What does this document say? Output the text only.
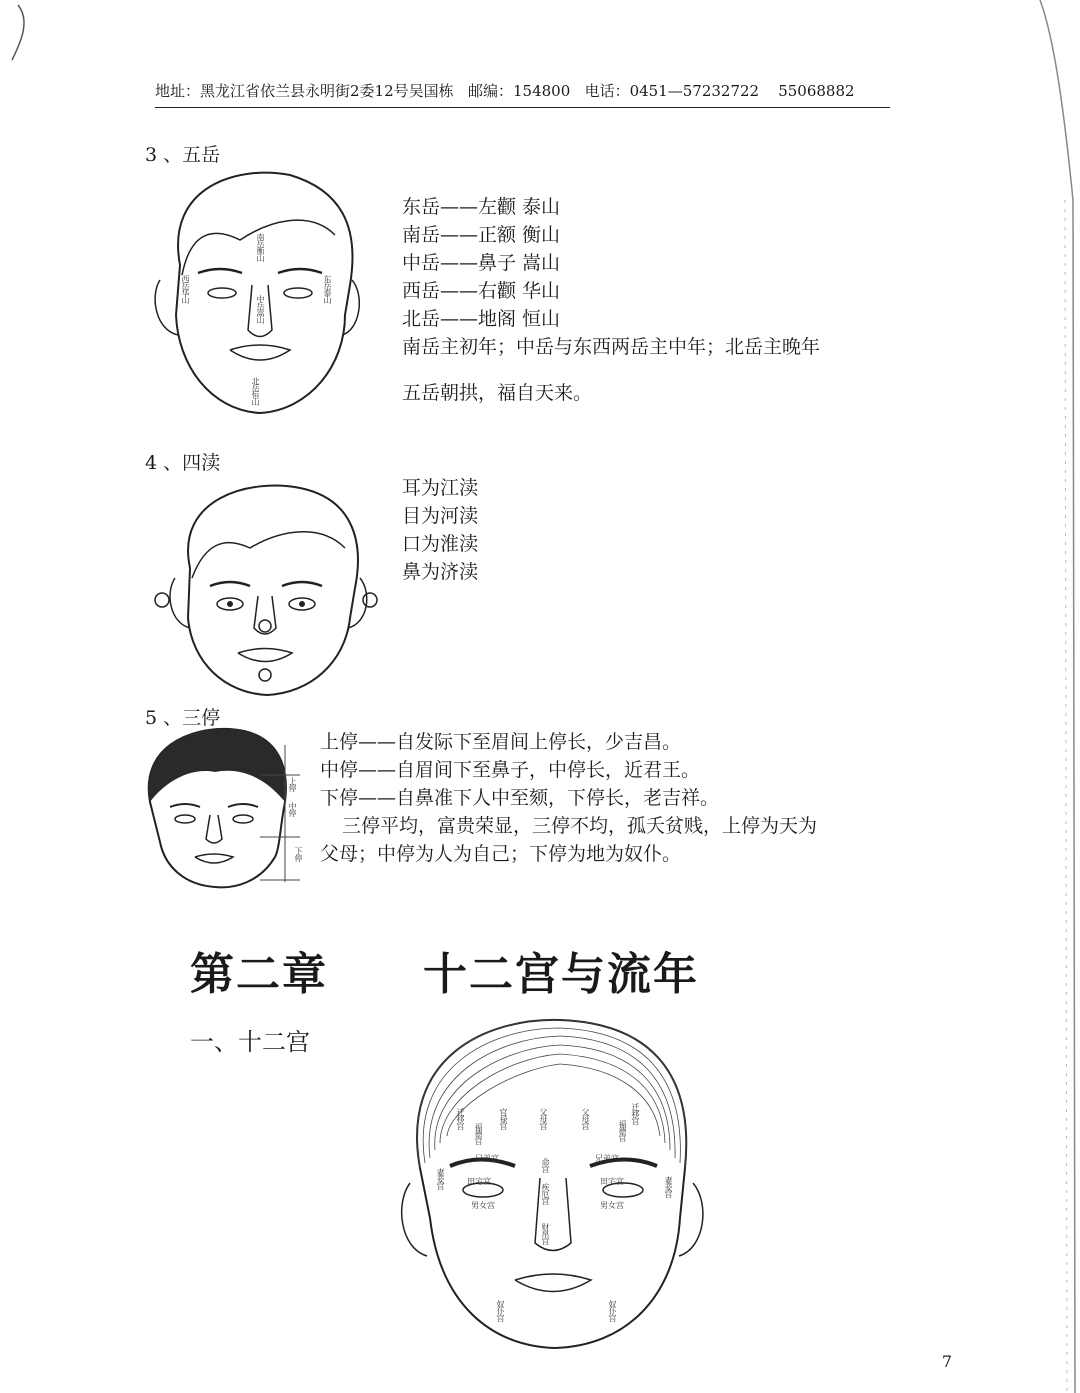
地址：黑龙江省依兰县永明街2委12号吴国栋 邮编：154800 电话：0451—57232722 55068882
3 、五岳
南岳衡山
西岳华山	东岳泰山
中岳嵩山
北岳恒山
东岳——左颧 泰山
南岳——正额 衡山
中岳——鼻子 嵩山
西岳——右颧 华山
北岳——地阁 恒山
南岳主初年；中岳与东西两岳主中年；北岳主晚年
五岳朝拱，福自天来。
4 、四渎
耳为江渎
目为河渎
口为淮渎
鼻为济渎
5 、三停
上停
中停
下停
上停——自发际下至眉间上停长，少吉昌。
中停——自眉间下至鼻子，中停长，近君王。
下停——自鼻准下人中至颏，下停长，老吉祥。
三停平均，富贵荣显，三停不均，孤夭贫贱，上停为天为
父母；中停为人为自己；下停为地为奴仆。
第二章 十二宫与流年
一、十二宫
迁移宫
福德宫
官禄宫	父母宫	父母宫
福德宫
迁移宫
命宫
疾厄宫
财帛宫
兄弟宫
田宅宫
男女宫
兄弟宫
田宅宫
男女宫
妻妾宫	妻妾宫
奴仆宫	奴仆宫
7
